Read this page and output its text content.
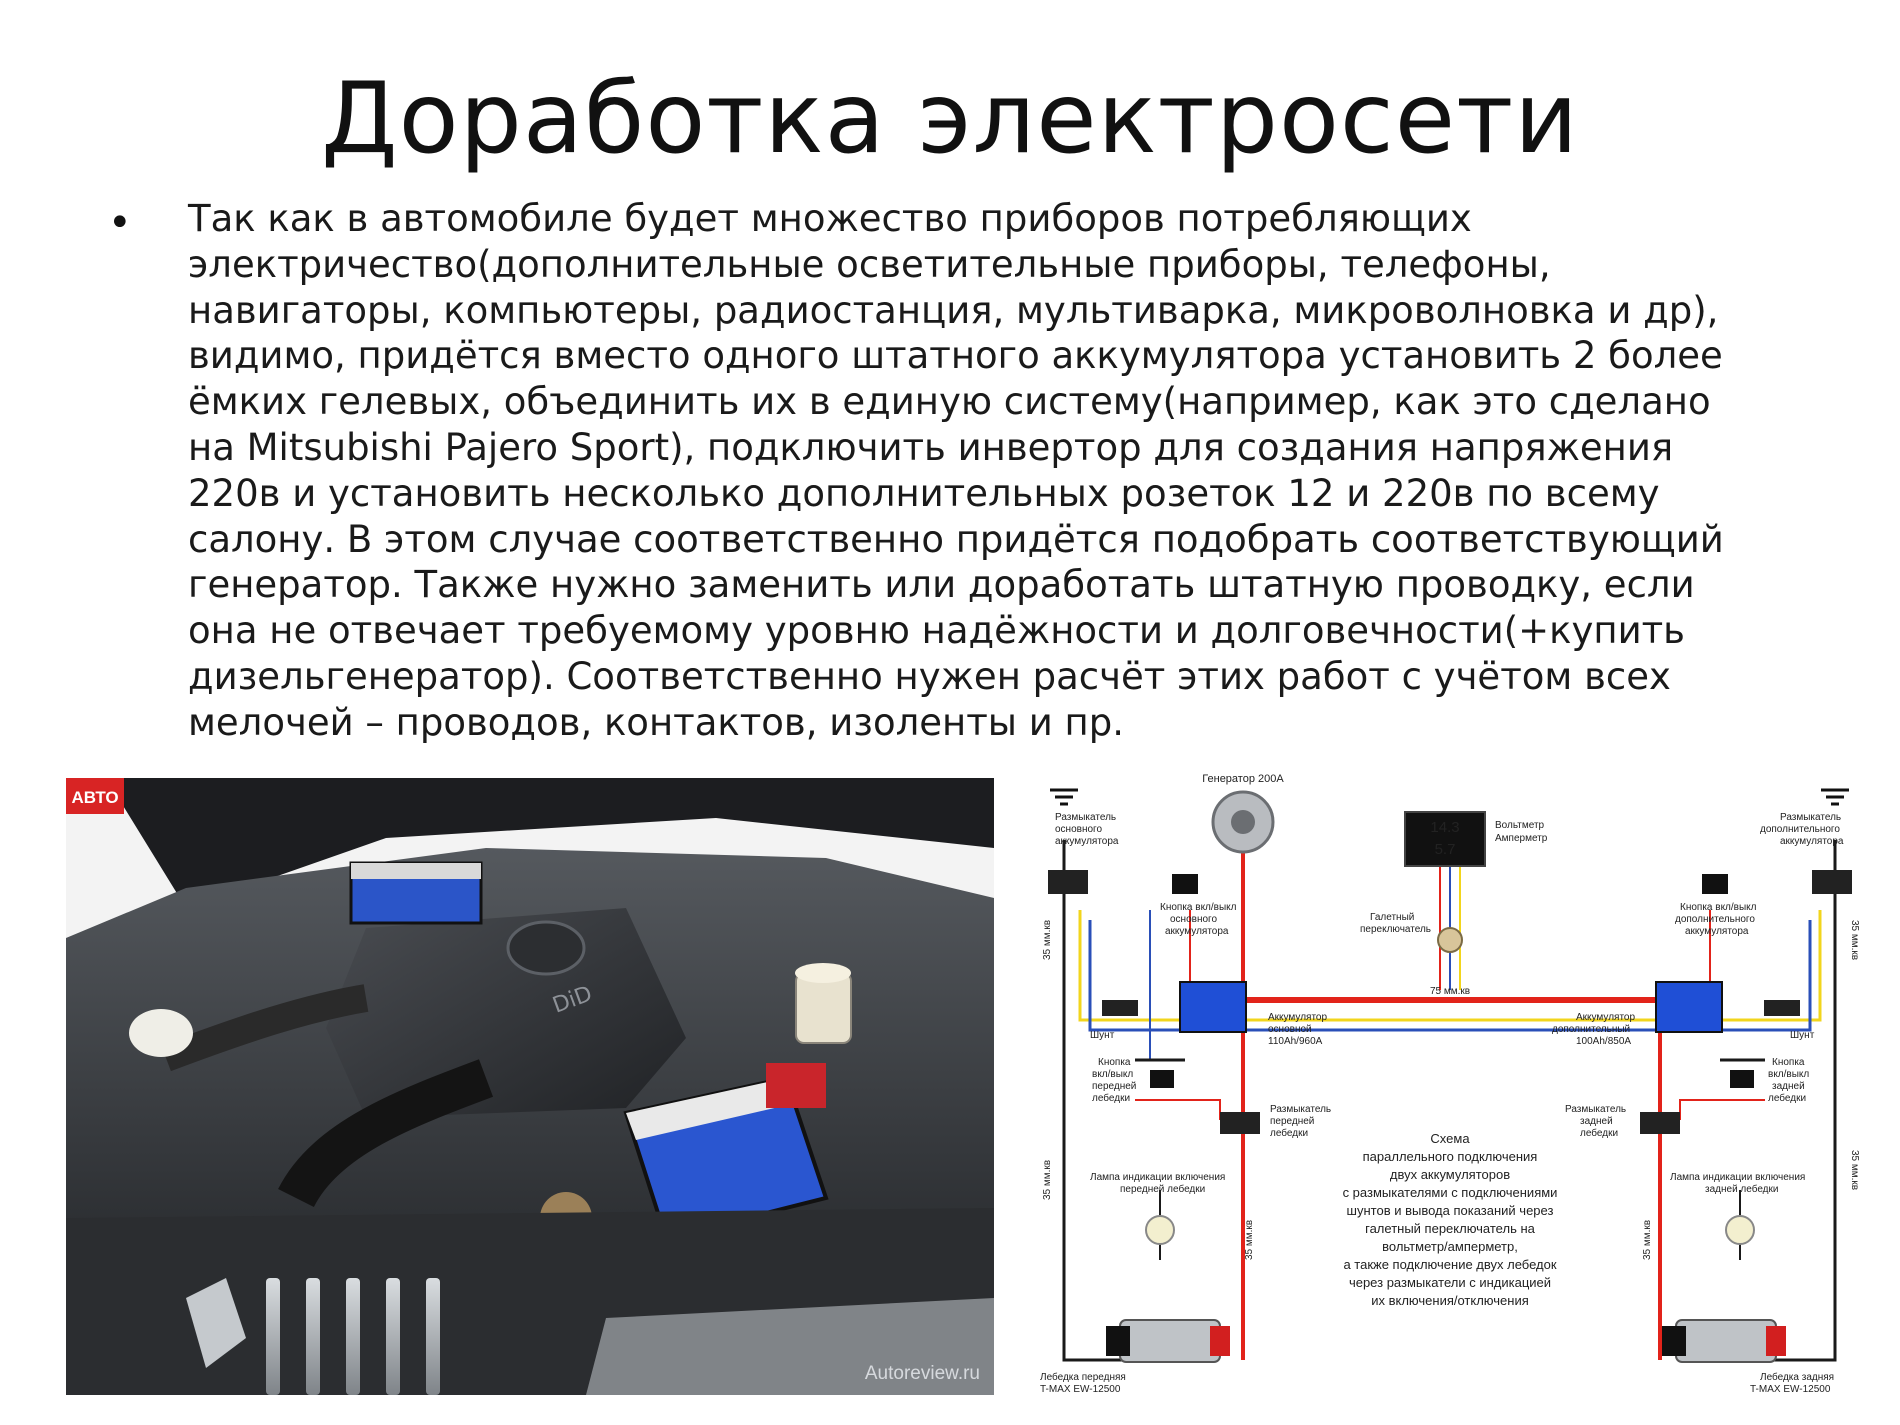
Доработка электросети
• Так как в автомобиле будет множество приборов потребляющих
электричество(дополнительные осветительные приборы, телефоны,
навигаторы, компьютеры, радиостанция, мультиварка, микроволновка и др),
видимо, придётся вместо одного штатного аккумулятора установить 2 более
ёмких гелевых, объединить их в единую систему(например, как это сделано
на Mitsubishi Pajero Sport), подключить инвертор для создания напряжения
220в и установить несколько дополнительных розеток 12 и 220в по всему
салону. В этом случае соответственно придётся подобрать соответствующий
генератор. Также нужно заменить или доработать штатную проводку, если
она не отвечает требуемому уровню надёжности и долговечности(+купить
дизельгенератор). Соответственно нужен расчёт этих работ с учётом всех
мелочей – проводов, контактов, изоленты и пр.

DiD
АВТО
Autoreview.ru
Генератор 200А
14.3
5.7
Вольтметр
Амперметр
Размыкатель
основного
аккумулятора
Размыкатель
дополнительного
аккумулятора
Кнопка вкл/выкл
основного
аккумулятора
Кнопка вкл/выкл
дополнительного
аккумулятора
Галетный
переключатель
75 мм.кв
Аккумулятор
основной
110Ah/960A
Аккумулятор
дополнительный
100Ah/850A
Шунт	Шунт
Кнопка
вкл/выкл
передней
лебедки
Кнопка
вкл/выкл
задней
лебедки
Размыкатель
передней
лебедки
Размыкатель
задней
лебедки
35 мм.кв
35 мм.кв
35 мм.кв	35 мм.кв
35 мм.кв
35 мм.кв
Лампа индикации включения
передней лебедки
Лампа индикации включения
задней лебедки
Схема
параллельного подключения
двух аккумуляторов
с размыкателями с подключениями
шунтов и вывода показаний через
галетный переключатель на
вольтметр/амперметр,
а также подключение двух лебедок
через размыкатели с индикацией
их включения/отключения
Лебедка передняя
T-MAX EW-12500
Лебедка задняя
T-MAX EW-12500
